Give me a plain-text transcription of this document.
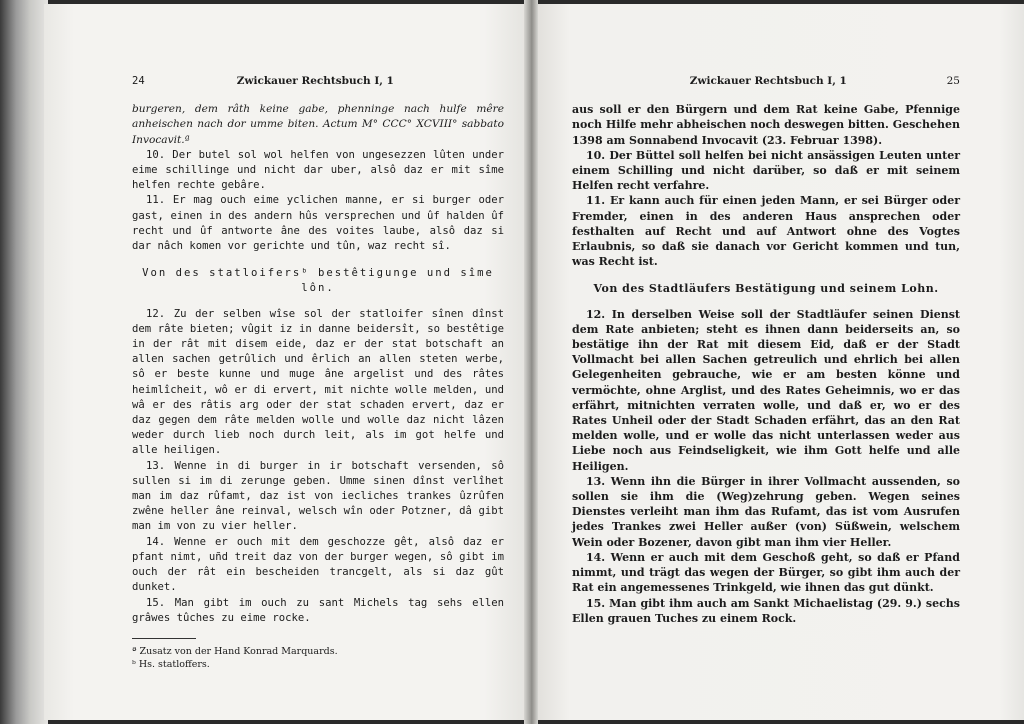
24	Zwickauer Rechtsbuch I, 1

burgeren, dem râth keine gabe, phenninge nach hulfe mêre anheischen nach dor umme biten. Actum M° CCC° XCVIII° sabbato Invocavit.ª

10. Der butel sol wol helfen von ungesezzen lûten under eime schillinge und nicht dar uber, alsô daz er mit sîme helfen rechte gebâre.

11. Er mag ouch eime yclichen manne, er si burger oder gast, einen in des andern hûs versprechen und ûf halden ûf recht und ûf antworte âne des voites laube, alsô daz si dar nâch komen vor gerichte und tûn, waz recht sî.

Von des statloifersᵇ bestêtigunge und sîme lôn.

12. Zu der selben wîse sol der statloifer sînen dînst dem râte bieten; vûgit iz in danne beidersît, so bestêtige in der rât mit disem eide, daz er der stat botschaft an allen sachen getrûlich und êrlich an allen steten werbe, sô er beste kunne und muge âne argelist und des râtes heimlîcheit, wô er di ervert, mit nichte wolle melden, und wâ er des râtis arg oder der stat schaden ervert, daz er daz gegen dem râte melden wolle und wolle daz nicht lâzen weder durch lieb noch durch leit, als im got helfe und alle heiligen.

13. Wenne in di burger in ir botschaft versenden, sô sullen si im di zerunge geben. Umme sinen dînst verlîhet man im daz rûfamt, daz ist von iecliches trankes ûzrûfen zwêne heller âne reinval, welsch wîn oder Potzner, dâ gibt man im von zu vier heller.

14. Wenne er ouch mit dem geschozze gêt, alsô daz er pfant nimt, uñd treit daz von der burger wegen, sô gibt im ouch der rât ein bescheiden trancgelt, als si daz gût dunket.

15. Man gibt im ouch zu sant Michels tag sehs ellen grâwes tûches zu eime rocke.

ª Zusatz von der Hand Konrad Marquards.

ᵇ Hs. statloffers.

Zwickauer Rechtsbuch I, 1	25

aus soll er den Bürgern und dem Rat keine Gabe, Pfennige noch Hilfe mehr abheischen noch deswegen bitten. Geschehen 1398 am Sonnabend Invocavit (23. Februar 1398).

10. Der Büttel soll helfen bei nicht ansässigen Leuten unter einem Schilling und nicht darüber, so daß er mit seinem Helfen recht verfahre.

11. Er kann auch für einen jeden Mann, er sei Bürger oder Fremder, einen in des anderen Haus ansprechen oder festhalten auf Recht und auf Antwort ohne des Vogtes Erlaubnis, so daß sie danach vor Gericht kommen und tun, was Recht ist.

Von des Stadtläufers Bestätigung und seinem Lohn.

12. In derselben Weise soll der Stadtläufer seinen Dienst dem Rate anbieten; steht es ihnen dann beiderseits an, so bestätige ihn der Rat mit diesem Eid, daß er der Stadt Vollmacht bei allen Sachen getreulich und ehrlich bei allen Gelegenheiten gebrauche, wie er am besten könne und vermöchte, ohne Arglist, und des Rates Geheimnis, wo er das erfährt, mitnichten verraten wolle, und daß er, wo er des Rates Unheil oder der Stadt Schaden erfährt, das an den Rat melden wolle, und er wolle das nicht unterlassen weder aus Liebe noch aus Feindseligkeit, wie ihm Gott helfe und alle Heiligen.

13. Wenn ihn die Bürger in ihrer Vollmacht aussenden, so sollen sie ihm die (Weg)zehrung geben. Wegen seines Dienstes verleiht man ihm das Rufamt, das ist vom Ausrufen jedes Trankes zwei Heller außer (von) Süßwein, welschem Wein oder Bozener, davon gibt man ihm vier Heller.

14. Wenn er auch mit dem Geschoß geht, so daß er Pfand nimmt, und trägt das wegen der Bürger, so gibt ihm auch der Rat ein angemessenes Trinkgeld, wie ihnen das gut dünkt.

15. Man gibt ihm auch am Sankt Michaelistag (29. 9.) sechs Ellen grauen Tuches zu einem Rock.
